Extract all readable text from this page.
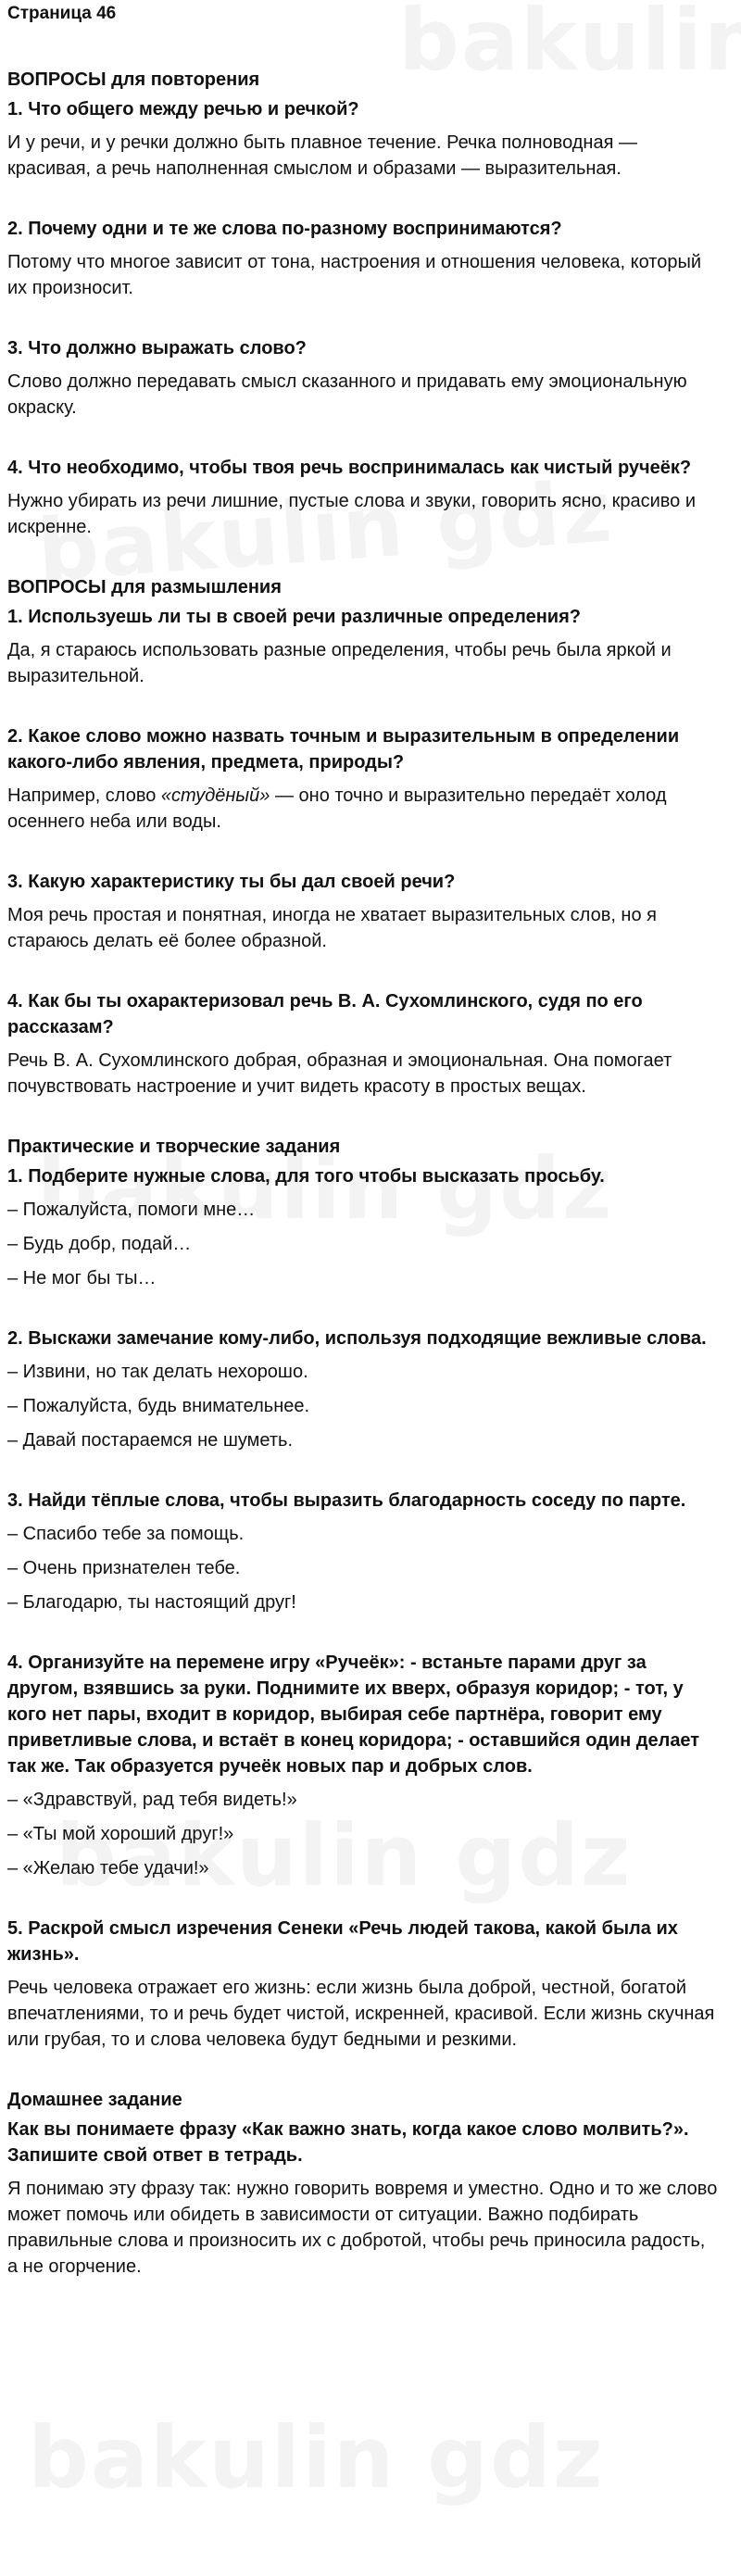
Страница 46
ВОПРОСЫ для повторения
1. Что общего между речью и речкой?
И у речи, и у речки должно быть плавное течение. Речка полноводная — красивая, а речь наполненная смыслом и образами — выразительная.
2. Почему одни и те же слова по-разному воспринимаются?
Потому что многое зависит от тона, настроения и отношения человека, который их произносит.
3. Что должно выражать слово?
Слово должно передавать смысл сказанного и придавать ему эмоциональную окраску.
4. Что необходимо, чтобы твоя речь воспринималась как чистый ручеёк?
Нужно убирать из речи лишние, пустые слова и звуки, говорить ясно, красиво и искренне.
ВОПРОСЫ для размышления
1. Используешь ли ты в своей речи различные определения?
Да, я стараюсь использовать разные определения, чтобы речь была яркой и выразительной.
2. Какое слово можно назвать точным и выразительным в определении какого-либо явления, предмета, природы?
Например, слово «студёный» — оно точно и выразительно передаёт холод осеннего неба или воды.
3. Какую характеристику ты бы дал своей речи?
Моя речь простая и понятная, иногда не хватает выразительных слов, но я стараюсь делать её более образной.
4. Как бы ты охарактеризовал речь В. А. Сухомлинского, судя по его рассказам?
Речь В. А. Сухомлинского добрая, образная и эмоциональная. Она помогает почувствовать настроение и учит видеть красоту в простых вещах.
Практические и творческие задания
1. Подберите нужные слова, для того чтобы высказать просьбу.
– Пожалуйста, помоги мне…
– Будь добр, подай…
– Не мог бы ты…
2. Выскажи замечание кому-либо, используя подходящие вежливые слова.
– Извини, но так делать нехорошо.
– Пожалуйста, будь внимательнее.
– Давай постараемся не шуметь.
3. Найди тёплые слова, чтобы выразить благодарность соседу по парте.
– Спасибо тебе за помощь.
– Очень признателен тебе.
– Благодарю, ты настоящий друг!
4. Организуйте на перемене игру «Ручеёк»: - встаньте парами друг за другом, взявшись за руки. Поднимите их вверх, образуя коридор; - тот, у кого нет пары, входит в коридор, выбирая себе партнёра, говорит ему приветливые слова, и встаёт в конец коридора; - оставшийся один делает так же. Так образуется ручеёк новых пар и добрых слов.
– «Здравствуй, рад тебя видеть!»
– «Ты мой хороший друг!»
– «Желаю тебе удачи!»
5. Раскрой смысл изречения Сенеки «Речь людей такова, какой была их жизнь».
Речь человека отражает его жизнь: если жизнь была доброй, честной, богатой впечатлениями, то и речь будет чистой, искренней, красивой. Если жизнь скучная или грубая, то и слова человека будут бедными и резкими.
Домашнее задание
Как вы понимаете фразу «Как важно знать, когда какое слово молвить?». Запишите свой ответ в тетрадь.
Я понимаю эту фразу так: нужно говорить вовремя и уместно. Одно и то же слово может помочь или обидеть в зависимости от ситуации. Важно подбирать правильные слова и произносить их с добротой, чтобы речь приносила радость, а не огорчение.
